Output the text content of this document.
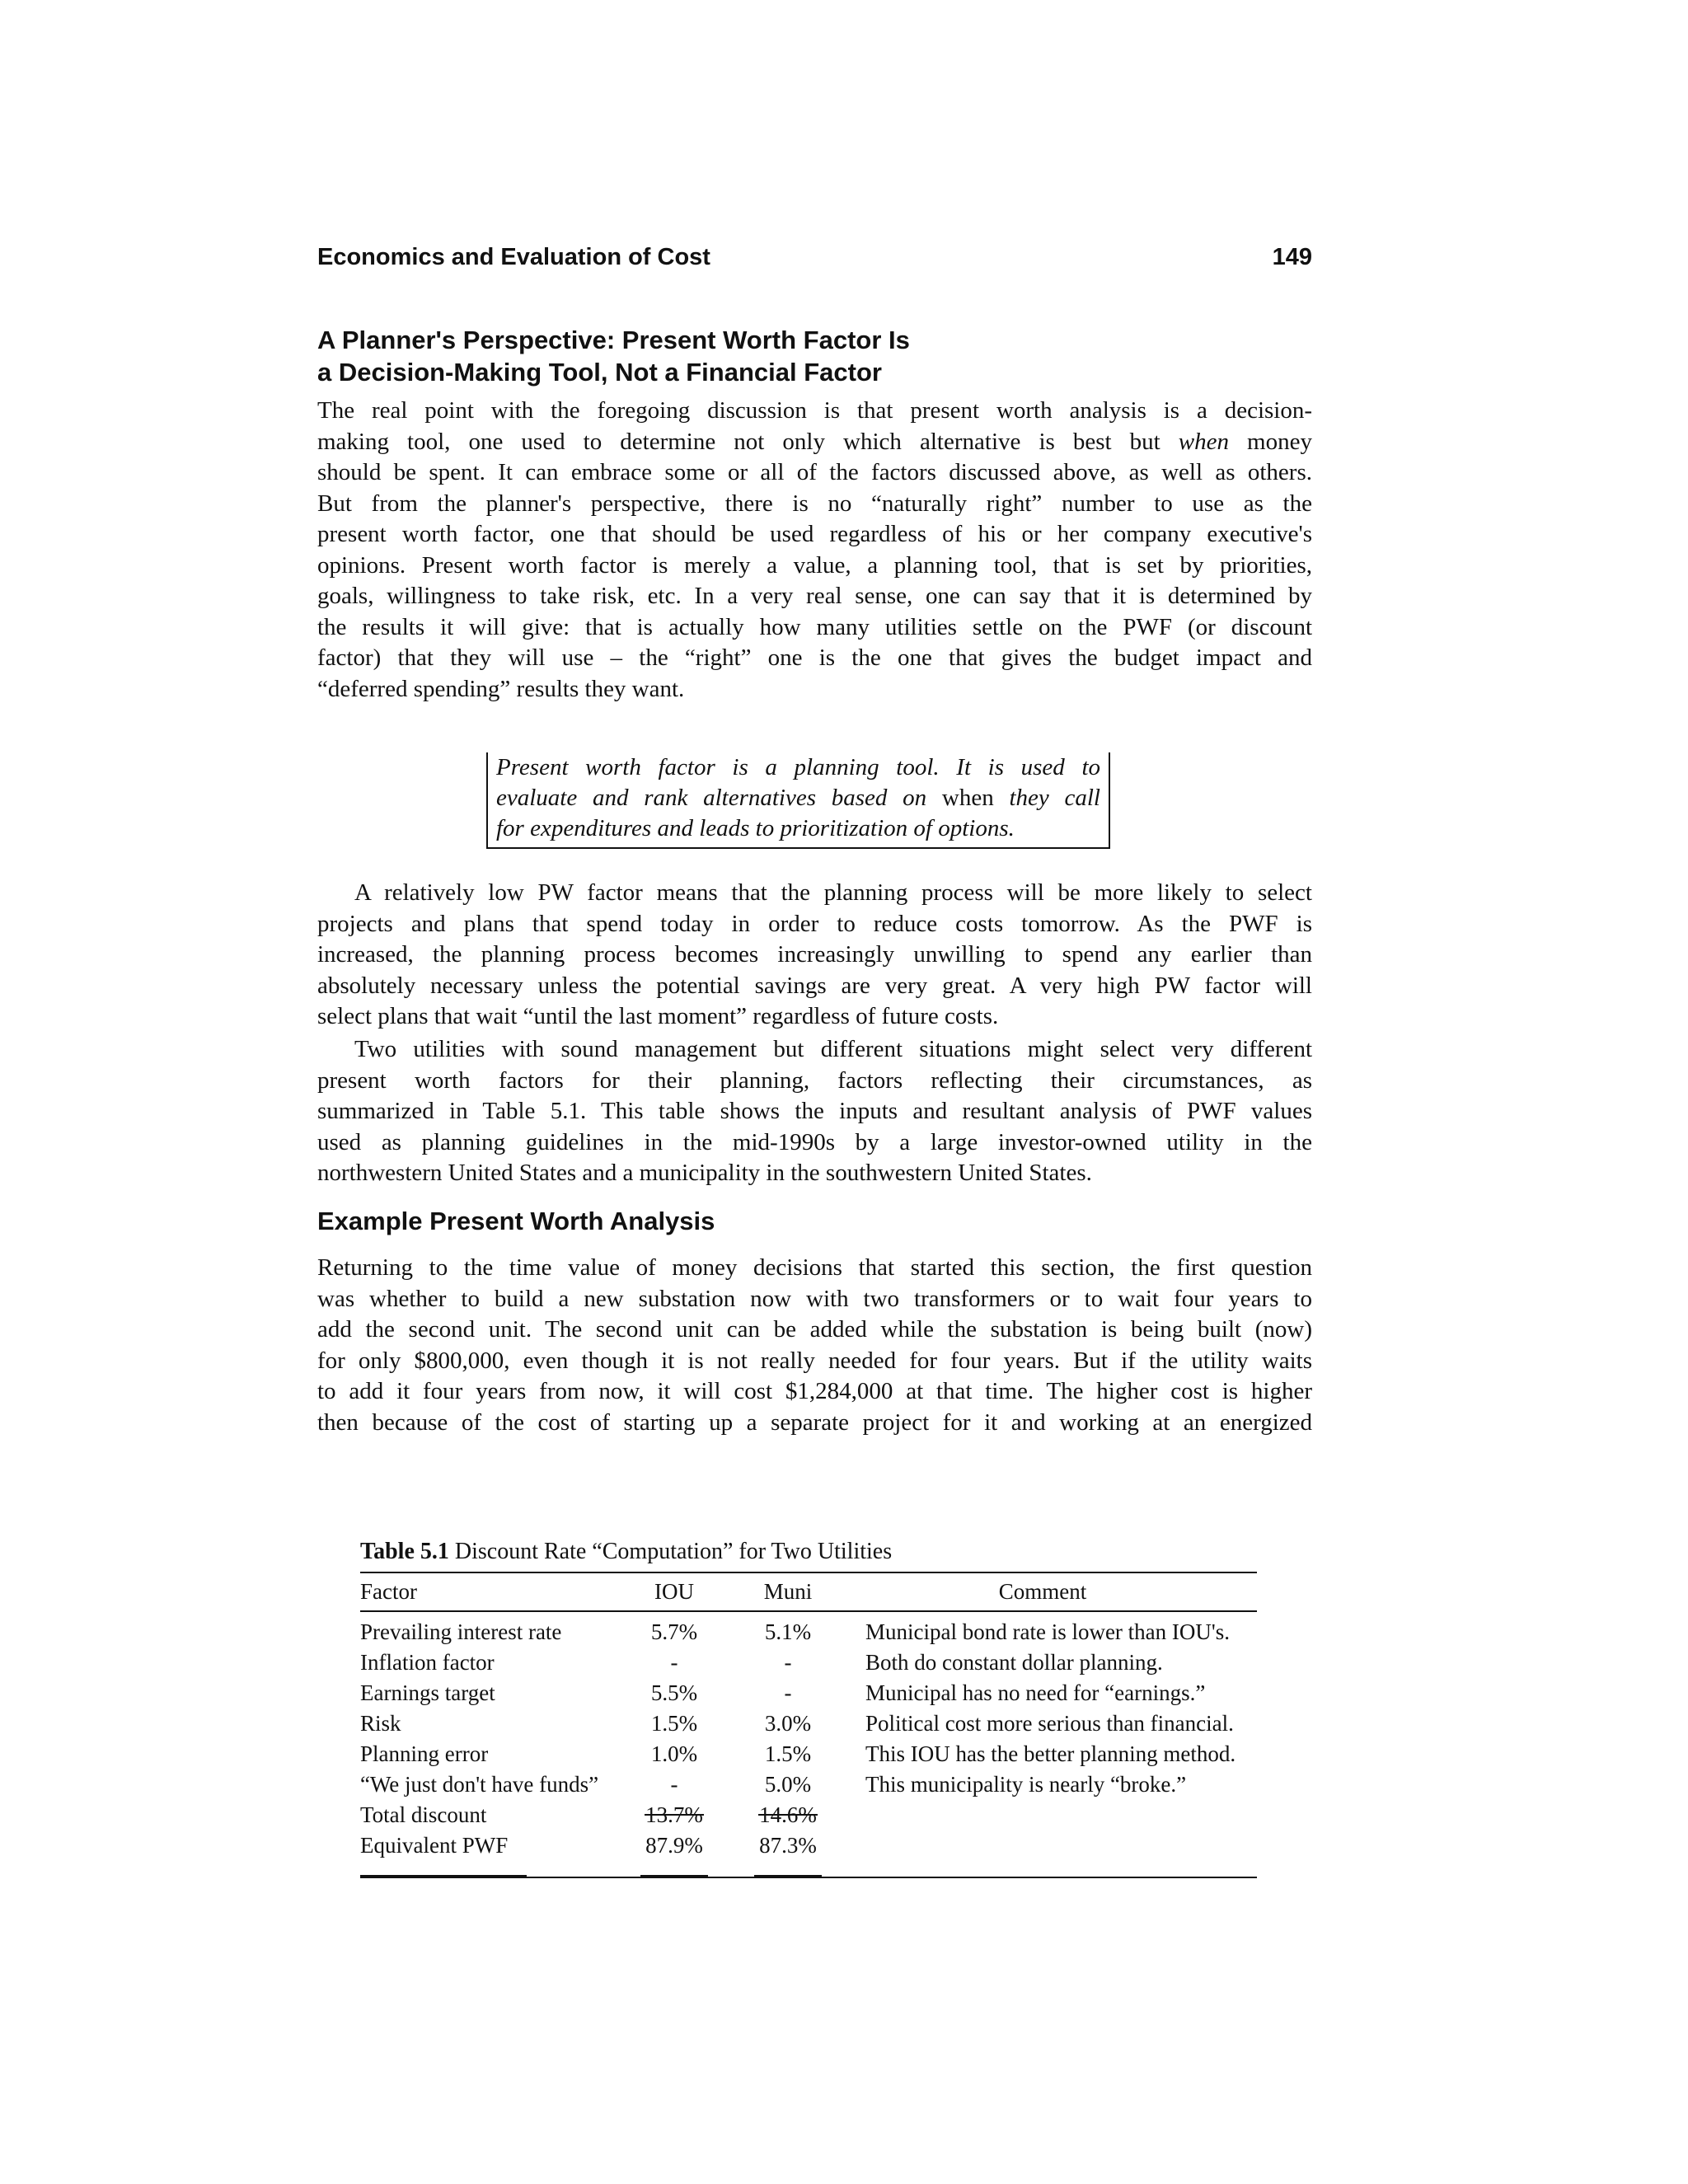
Economics and Evaluation of Cost	149
A Planner's Perspective: Present Worth Factor Is
a Decision-Making Tool, Not a Financial Factor
The real point with the foregoing discussion is that present worth analysis is a decision-
making tool, one used to determine not only which alternative is best but when money
should be spent. It can embrace some or all of the factors discussed above, as well as others.
But from the planner's perspective, there is no “naturally right” number to use as the
present worth factor, one that should be used regardless of his or her company executive's
opinions. Present worth factor is merely a value, a planning tool, that is set by priorities,
goals, willingness to take risk, etc. In a very real sense, one can say that it is determined by
the results it will give: that is actually how many utilities settle on the PWF (or discount
factor) that they will use – the “right” one is the one that gives the budget impact and
“deferred spending” results they want.
Present worth factor is a planning tool. It is used to
evaluate and rank alternatives based on when they call
for expenditures and leads to prioritization of options.
A relatively low PW factor means that the planning process will be more likely to select
projects and plans that spend today in order to reduce costs tomorrow. As the PWF is
increased, the planning process becomes increasingly unwilling to spend any earlier than
absolutely necessary unless the potential savings are very great. A very high PW factor will
select plans that wait “until the last moment” regardless of future costs.
Two utilities with sound management but different situations might select very different
present worth factors for their planning, factors reflecting their circumstances, as
summarized in Table 5.1. This table shows the inputs and resultant analysis of PWF values
used as planning guidelines in the mid-1990s by a large investor-owned utility in the
northwestern United States and a municipality in the southwestern United States.
Example Present Worth Analysis
Returning to the time value of money decisions that started this section, the first question
was whether to build a new substation now with two transformers or to wait four years to
add the second unit. The second unit can be added while the substation is being built (now)
for only $800,000, even though it is not really needed for four years. But if the utility waits
to add it four years from now, it will cost $1,284,000 at that time. The higher cost is higher
then because of the cost of starting up a separate project for it and working at an energized
Table 5.1 Discount Rate “Computation” for Two Utilities
Factor	IOU	Muni	Comment
Prevailing interest rate	5.7%	5.1%	Municipal bond rate is lower than IOU's.
Inflation factor	-	-	Both do constant dollar planning.
Earnings target	5.5%	-	Municipal has no need for “earnings.”
Risk	1.5%	3.0%	Political cost more serious than financial.
Planning error	1.0%	1.5%	This IOU has the better planning method.
“We just don't have funds”	-	5.0%	This municipality is nearly “broke.”
Total discount	13.7%	14.6%
Equivalent PWF	87.9%	87.3%
